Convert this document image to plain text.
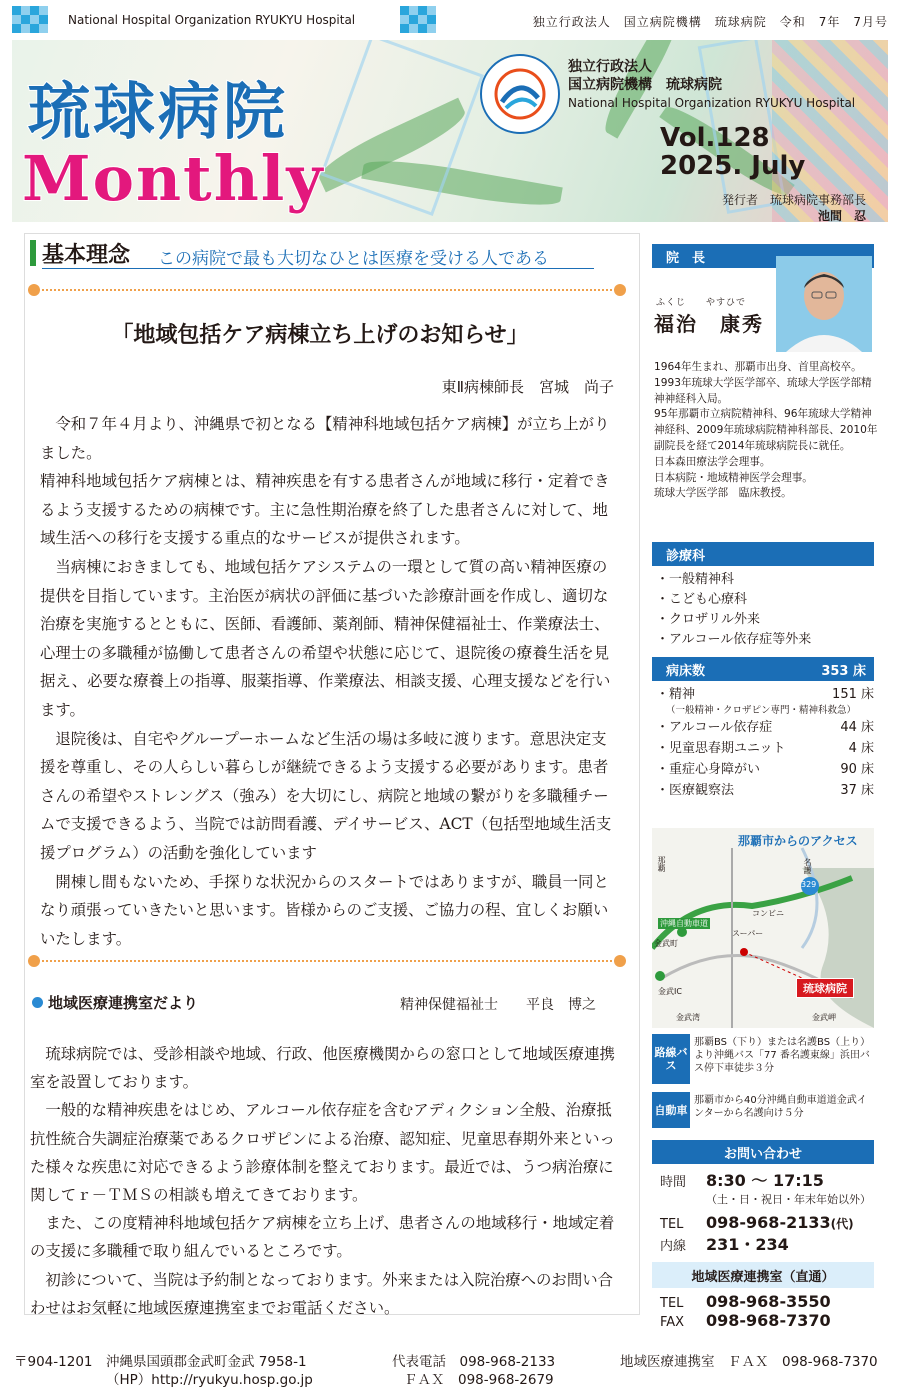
National Hospital Organization RYUKYU Hospital	独立行政法人　国立病院機構　琉球病院　令和　7年　7月号
琉球病院
Monthly
独立行政法人
国立病院機構　琉球病院
National Hospital Organization RYUKYU Hospital
Vol.128
2025. July
発行者　琉球病院事務部長
池間　忍
基本理念 この病院で最も大切なひとは医療を受ける人である
「地域包括ケア病棟立ち上げのお知らせ」
東Ⅱ病棟師長　宮城　尚子

令和７年４月より、沖縄県で初となる【精神科地域包括ケア病棟】が立ち上がりました。

精神科地域包括ケア病棟とは、精神疾患を有する患者さんが地域に移行・定着できるよう支援するための病棟です。主に急性期治療を終了した患者さんに対して、地域生活への移行を支援する重点的なサービスが提供されます。

当病棟におきましても、地域包括ケアシステムの一環として質の高い精神医療の提供を目指しています。主治医が病状の評価に基づいた診療計画を作成し、適切な治療を実施するとともに、医師、看護師、薬剤師、精神保健福祉士、作業療法士、心理士の多職種が協働して患者さんの希望や状態に応じて、退院後の療養生活を見据え、必要な療養上の指導、服薬指導、作業療法、相談支援、心理支援などを行います。

退院後は、自宅やグループーホームなど生活の場は多岐に渡ります。意思決定支援を尊重し、その人らしい暮らしが継続できるよう支援する必要があります。患者さんの希望やストレングス（強み）を大切にし、病院と地域の繋がりを多職種チームで支援できるよう、当院では訪問看護、デイサービス、ACT（包括型地域生活支援プログラム）の活動を強化しています

開棟し間もないため、手探りな状況からのスタートではありますが、職員一同となり頑張っていきたいと思います。皆様からのご支援、ご協力の程、宜しくお願いいたします。

地域医療連携室だより	精神保健福祉士　　平良　博之

琉球病院では、受診相談や地域、行政、他医療機関からの窓口として地域医療連携室を設置しております。

一般的な精神疾患をはじめ、アルコール依存症を含むアディクション全般、治療抵抗性統合失調症治療薬であるクロザピンによる治療、認知症、児童思春期外来といった様々な疾患に対応できるよう診療体制を整えております。最近では、うつ病治療に関してｒ－ＴＭＳの相談も増えてきております。

また、この度精神科地域包括ケア病棟を立ち上げ、患者さんの地域移行・地域定着の支援に多職種で取り組んでいるところです。

初診について、当院は予約制となっております。外来または入院治療へのお問い合わせはお気軽に地域医療連携室までお電話ください。

院　長
ふくじ　　やすひで
福治　康秀
1964年生まれ、那覇市出身、首里高校卒。
1993年琉球大学医学部卒、琉球大学医学部精神神経科入局。
95年那覇市立病院精神科、96年琉球大学精神神経科、2009年琉球病院精神科部長、2010年副院長を経て2014年琉球病院長に就任。
日本森田療法学会理事。
日本病院・地域精神医学会理事。
琉球大学医学部　臨床教授。
診療科
・一般精神科
・こども心療科
・クロザリル外来
・アルコール依存症等外来
病床数	353 床
・精神	151 床
（一般精神・クロザピン専門・精神科救急）
・アルコール依存症	44 床
・児童思春期ユニット	4 床
・重症心身障がい	90 床
・医療観察法	37 床
那覇市からのアクセス
那覇	名護
沖縄自動車道
329
金武町
金武IC
スーパー
コンビニ
金武湾	金武岬
琉球病院
お問い合わせ
時間	8:30 〜 17:15
（土・日・祝日・年末年始以外）
TEL	098-968-2133 (代)
内線	231・234
地域医療連携室（直通）
TEL	098-968-3550
FAX	098-968-7370
〒904-1201　沖縄県国頭郡金武町金武 7958-1
（HP）http://ryukyu.hosp.go.jp
代表電話　098-968-2133
ＦＡＸ　098-968-2679
地域医療連携室　ＦＡＸ　098-968-7370
路線バス
那覇BS（下り）または名護BS（上り）より沖縄バス「77 番名護東線」浜田バス停下車徒歩３分
自動車
那覇市から40分沖縄自動車道道金武インターから名護向け５分
